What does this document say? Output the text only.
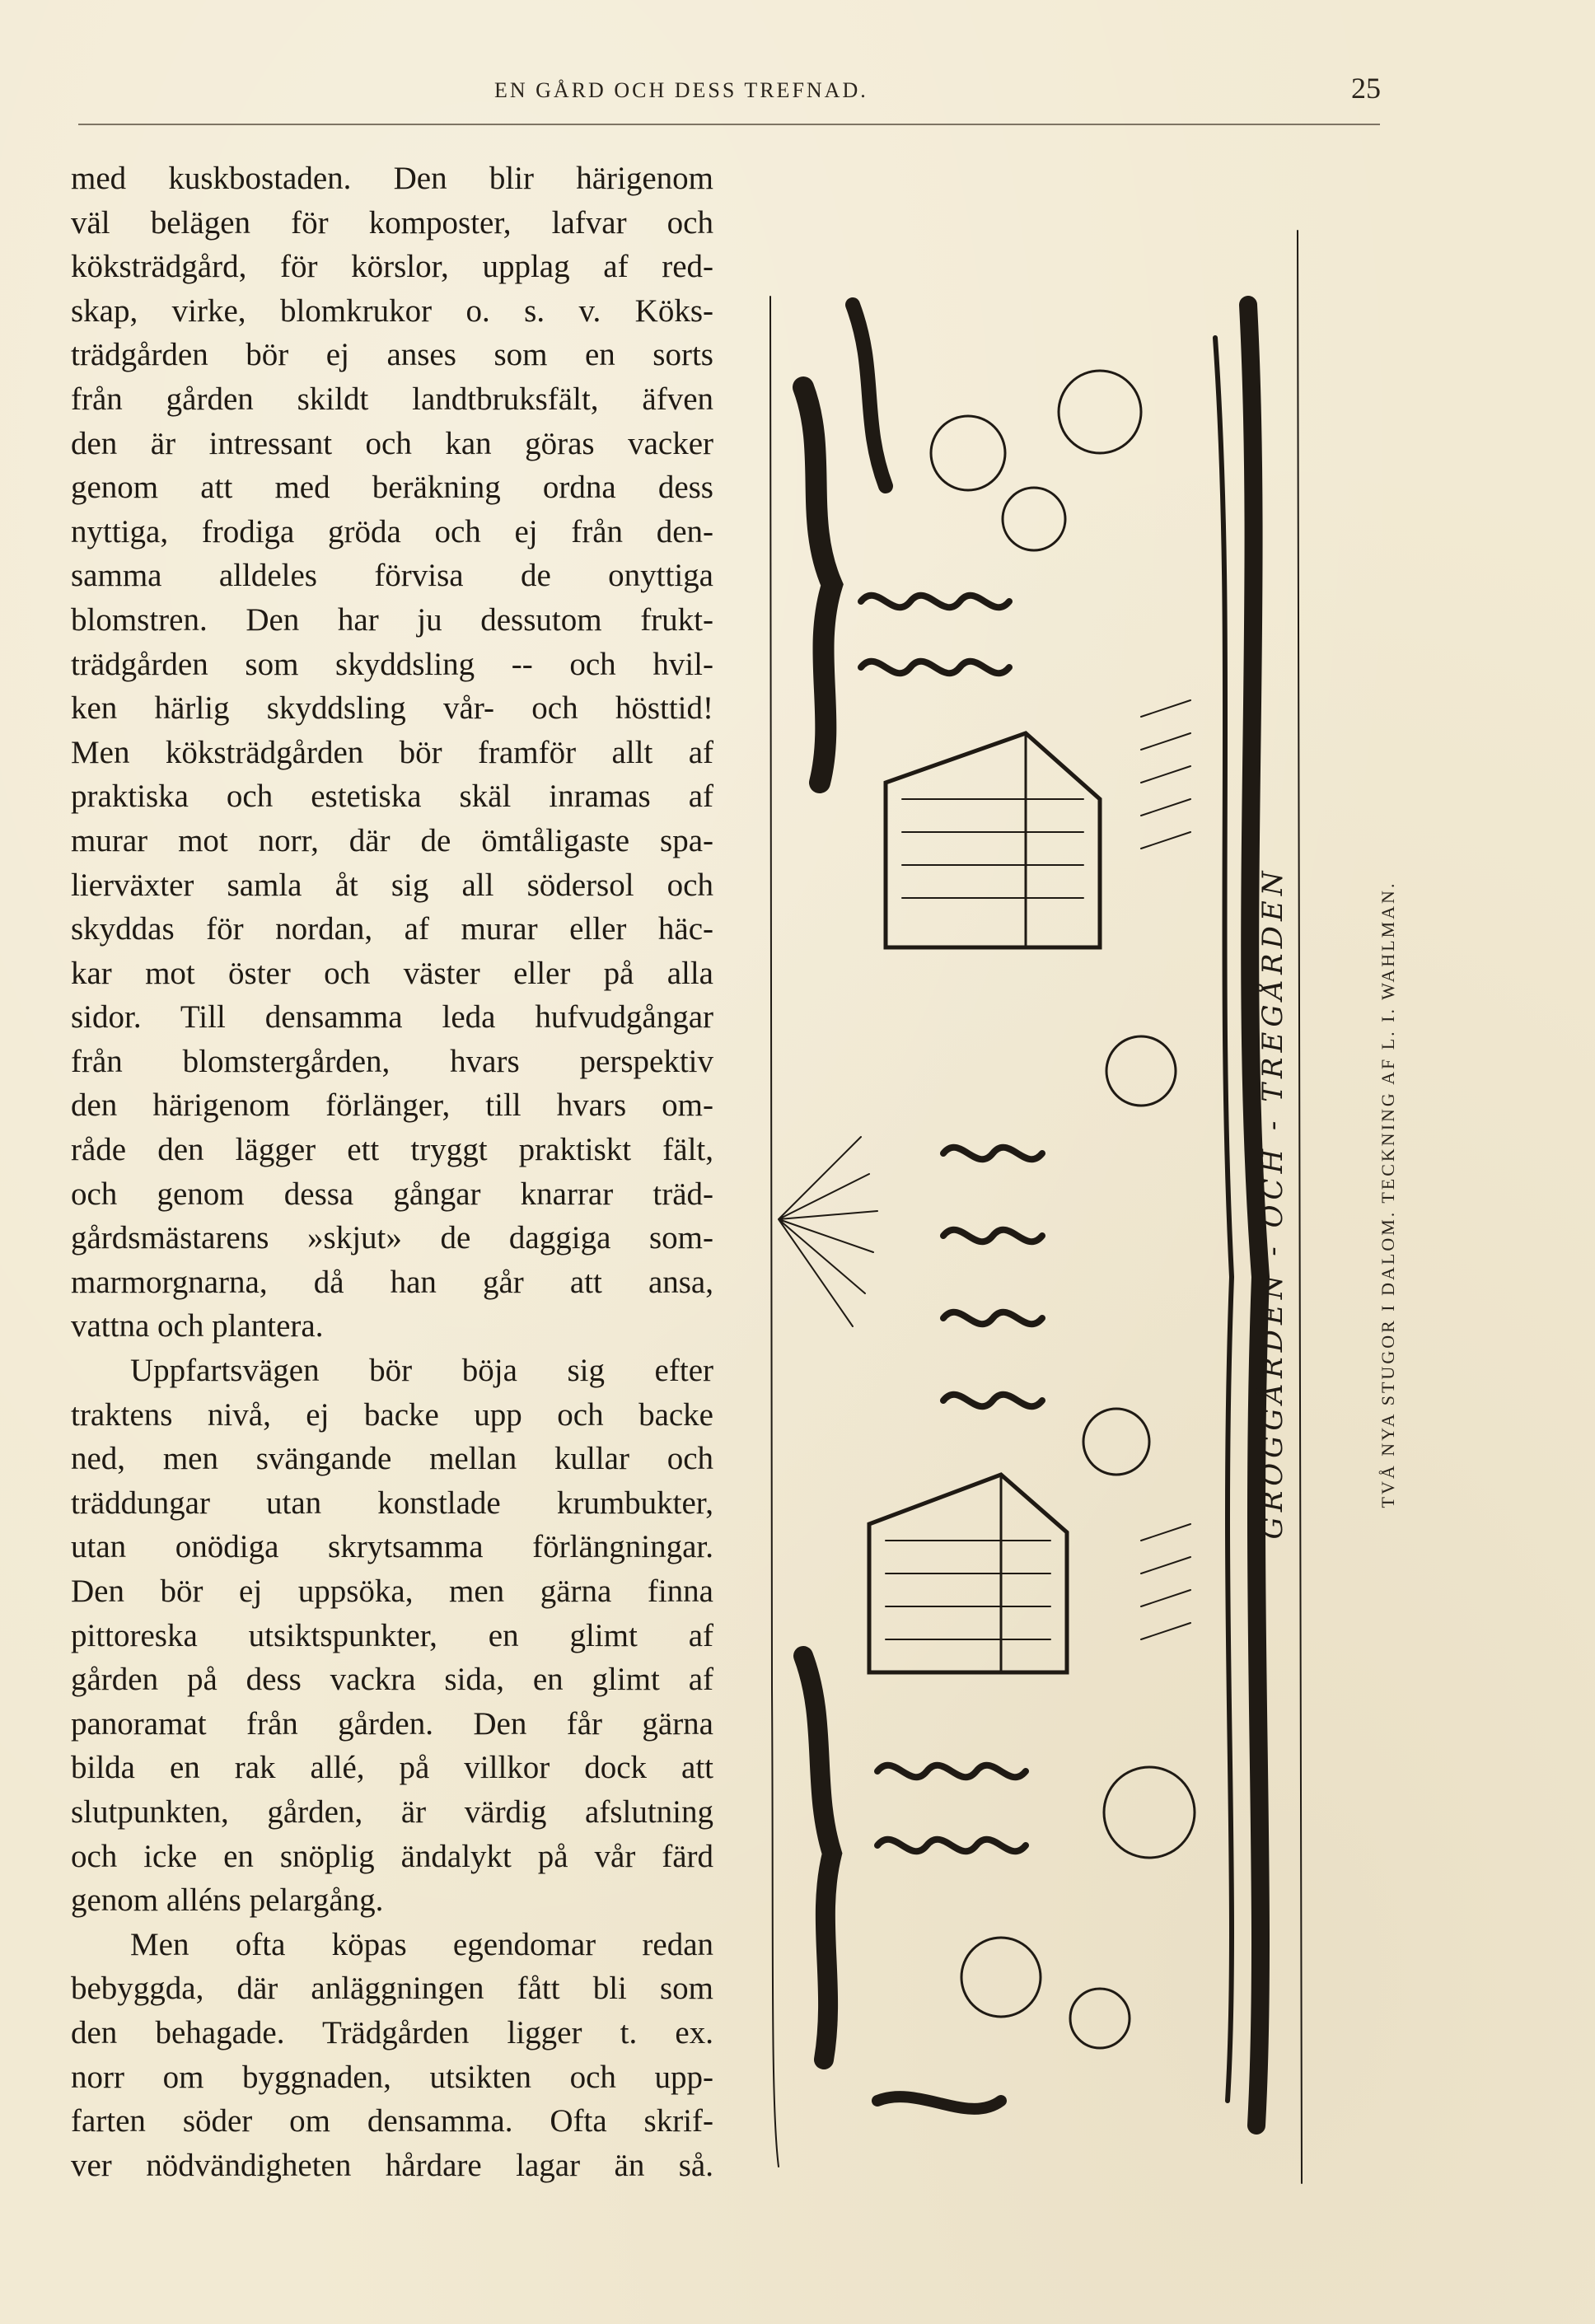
EN GÅRD OCH DESS TREFNAD.	25
med kuskbostaden. Den blir härigenom
väl belägen för komposter, lafvar och
köksträdgård, för körslor, upplag af red-
skap, virke, blomkrukor o. s. v. Köks-
trädgården bör ej anses som en sorts
från gården skildt landtbruksfält, äfven
den är intressant och kan göras vacker
genom att med beräkning ordna dess
nyttiga, frodiga gröda och ej från den-
samma alldeles förvisa de onyttiga
blomstren. Den har ju dessutom frukt-
trädgården som skyddsling -- och hvil-
ken härlig skyddsling vår- och hösttid!
Men köksträdgården bör framför allt af
praktiska och estetiska skäl inramas af
murar mot norr, där de ömtåligaste spa-
lierväxter samla åt sig all södersol och
skyddas för nordan, af murar eller häc-
kar mot öster och väster eller på alla
sidor. Till densamma leda hufvudgångar
från blomstergården, hvars perspektiv
den härigenom förlänger, till hvars om-
råde den lägger ett tryggt praktiskt fält,
och genom dessa gångar knarrar träd-
gårdsmästarens »skjut» de daggiga som-
marmorgnarna, då han går att ansa,
vattna och plantera.
Uppfartsvägen bör böja sig efter
traktens nivå, ej backe upp och backe
ned, men svängande mellan kullar och
träddungar utan konstlade krumbukter,
utan onödiga skrytsamma förlängningar.
Den bör ej uppsöka, men gärna finna
pittoreska utsiktspunkter, en glimt af
gården på dess vackra sida, en glimt af
panoramat från gården. Den får gärna
bilda en rak allé, på villkor dock att
slutpunkten, gården, är värdig afslutning
och icke en snöplig ändalykt på vår färd
genom alléns pelargång.
Men ofta köpas egendomar redan
bebyggda, där anläggningen fått bli som
den behagade. Trädgården ligger t. ex.
norr om byggnaden, utsikten och upp-
farten söder om densamma. Ofta skrif-
ver nödvändigheten hårdare lagar än så.
GROGGÅRDEN - OCH - TREGÅRDEN	TVÅ NYA STUGOR I DALOM. TECKNING AF L. I. WAHLMAN.
